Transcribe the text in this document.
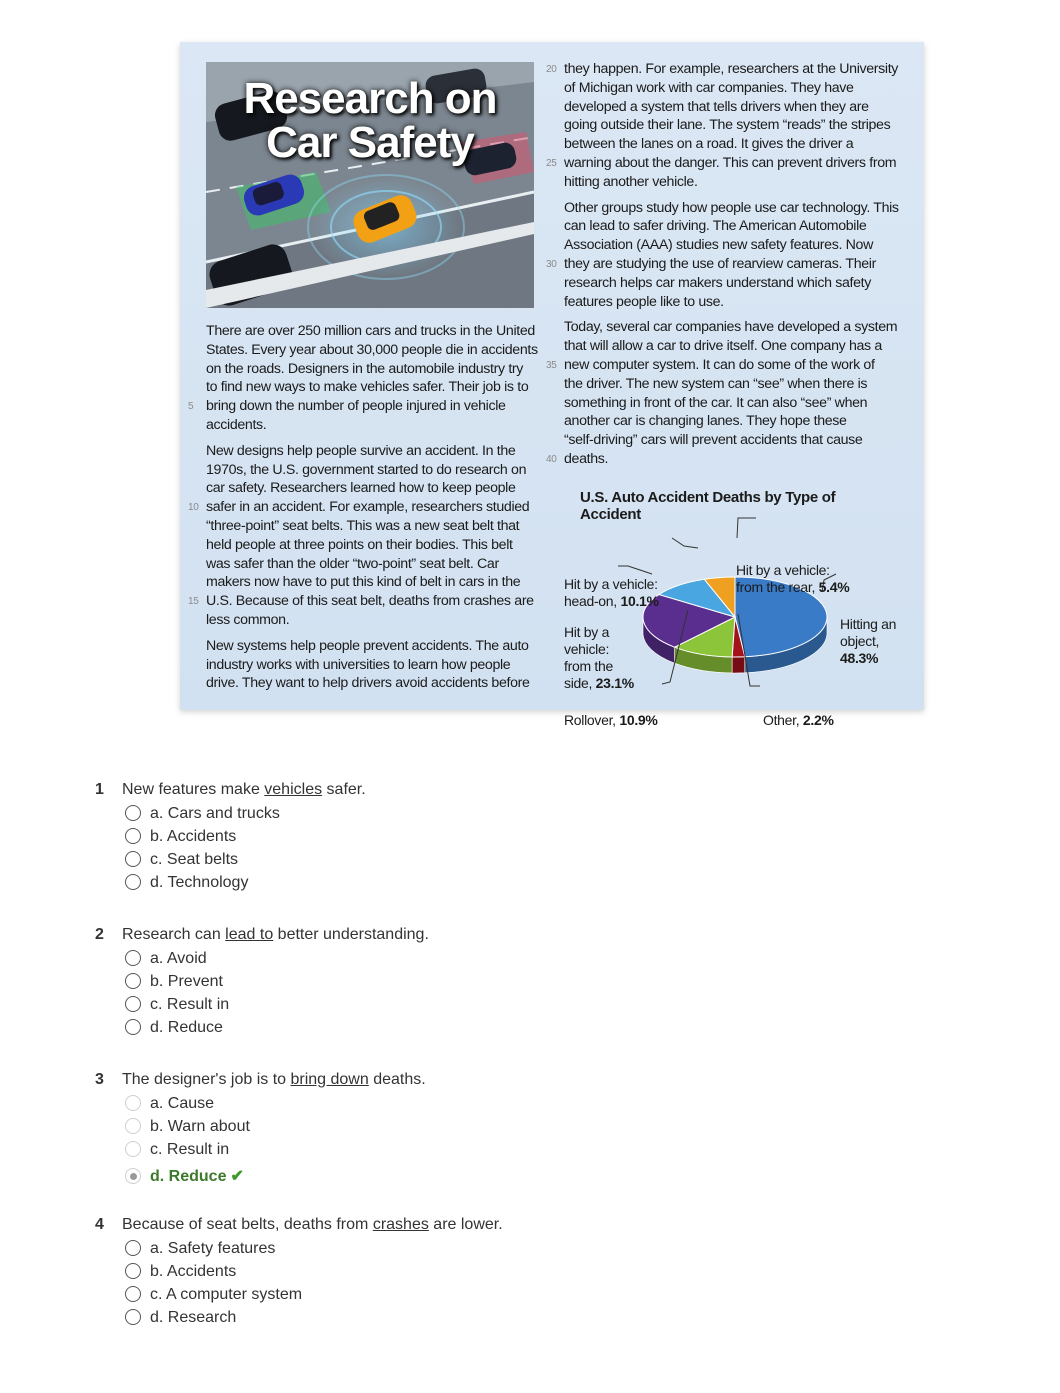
Research on
Car Safety
There are over 250 million cars and trucks in the United
States. Every year about 30,000 people die in accidents
on the roads. Designers in the automobile industry try
to find new ways to make vehicles safer. Their job is to
bring down the number of people injured in vehicle
5
accidents.
New designs help people survive an accident. In the
1970s, the U.S. government started to do research on
car safety. Researchers learned how to keep people
safer in an accident. For example, researchers studied
10
“three-point” seat belts. This was a new seat belt that
held people at three points on their bodies. This belt
was safer than the older “two-point” seat belt. Car
makers now have to put this kind of belt in cars in the
U.S. Because of this seat belt, deaths from crashes are
15
less common.
New systems help people prevent accidents. The auto
industry works with universities to learn how people
drive. They want to help drivers avoid accidents before
they happen. For example, researchers at the University
20
of Michigan work with car companies. They have
developed a system that tells drivers when they are
going outside their lane. The system “reads” the stripes
between the lanes on a road. It gives the driver a
warning about the danger. This can prevent drivers from
25
hitting another vehicle.
Other groups study how people use car technology. This
can lead to safer driving. The American Automobile
Association (AAA) studies new safety features. Now
they are studying the use of rearview cameras. Their
30
research helps car makers understand which safety
features people like to use.
Today, several car companies have developed a system
that will allow a car to drive itself. One company has a
new computer system. It can do some of the work of
35
the driver. The new system can “see” when there is
something in front of the car. It can also “see” when
another car is changing lanes. They hope these
“self-driving” cars will prevent accidents that cause
deaths.
40
U.S. Auto Accident Deaths by Type of Accident
Hitting an
object,
48.3%
Other, 2.2%
Rollover, 10.9%
Hit by a
vehicle:
from the
side, 23.1%
Hit by a vehicle:
head-on, 10.1%
Hit by a vehicle:
from the rear, 5.4%
1 New features make vehicles safer.
a. Cars and trucks
b. Accidents
c. Seat belts
d. Technology
2 Research can lead to better understanding.
a. Avoid
b. Prevent
c. Result in
d. Reduce
3 The designer's job is to bring down deaths.
a. Cause
b. Warn about
c. Result in
d. Reduce ✔
4 Because of seat belts, deaths from crashes are lower.
a. Safety features
b. Accidents
c. A computer system
d. Research
